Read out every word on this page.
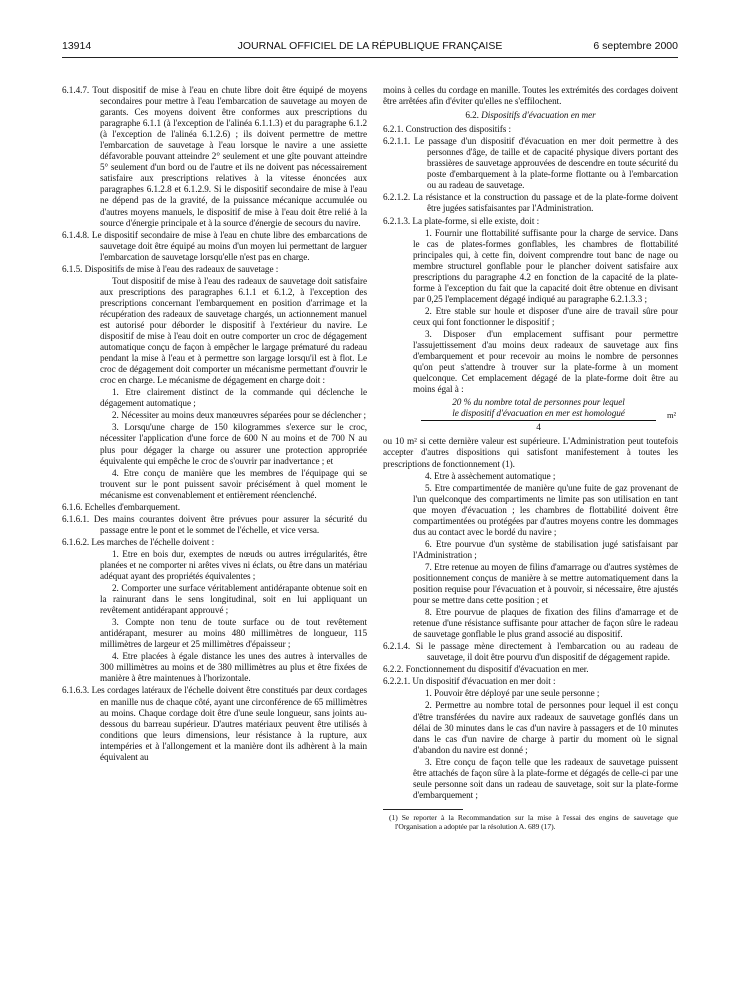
13914	JOURNAL OFFICIEL DE LA RÉPUBLIQUE FRANÇAISE	6 septembre 2000

6.1.4.7. Tout dispositif de mise à l'eau en chute libre doit être équipé de moyens secondaires pour mettre à l'eau l'embarcation de sauvetage au moyen de garants. Ces moyens doivent être conformes aux prescriptions du paragraphe 6.1.1 (à l'exception de l'alinéa 6.1.1.3) et du paragraphe 6.1.2 (à l'exception de l'alinéa 6.1.2.6) ; ils doivent permettre de mettre l'embarcation de sauvetage à l'eau lorsque le navire a une assiette défavorable pouvant atteindre 2° seulement et une gîte pouvant atteindre 5° seulement d'un bord ou de l'autre et ils ne doivent pas nécessairement satisfaire aux prescriptions relatives à la vitesse énoncées aux paragraphes 6.1.2.8 et 6.1.2.9. Si le dispositif secondaire de mise à l'eau ne dépend pas de la gravité, de la puissance mécanique accumulée ou d'autres moyens manuels, le dispositif de mise à l'eau doit être relié à la source d'énergie principale et à la source d'énergie de secours du navire.

6.1.4.8. Le dispositif secondaire de mise à l'eau en chute libre des embarcations de sauvetage doit être équipé au moins d'un moyen lui permettant de larguer l'embarcation de sauvetage lorsqu'elle n'est pas en charge.

6.1.5. Dispositifs de mise à l'eau des radeaux de sauvetage :

Tout dispositif de mise à l'eau des radeaux de sauvetage doit satisfaire aux prescriptions des paragraphes 6.1.1 et 6.1.2, à l'exception des prescriptions concernant l'embarquement en position d'arrimage et la récupération des radeaux de sauvetage chargés, un actionnement manuel est autorisé pour déborder le dispositif à l'extérieur du navire. Le dispositif de mise à l'eau doit en outre comporter un croc de dégagement automatique conçu de façon à empêcher le largage prématuré du radeau pendant la mise à l'eau et à permettre son largage lorsqu'il est à flot. Le croc de dégagement doit comporter un mécanisme permettant d'ouvrir le croc en charge. Le mécanisme de dégagement en charge doit :

1. Etre clairement distinct de la commande qui déclenche le dégagement automatique ;

2. Nécessiter au moins deux manœuvres séparées pour se déclencher ;

3. Lorsqu'une charge de 150 kilogrammes s'exerce sur le croc, nécessiter l'application d'une force de 600 N au moins et de 700 N au plus pour dégager la charge ou assurer une protection appropriée équivalente qui empêche le croc de s'ouvrir par inadvertance ; et

4. Etre conçu de manière que les membres de l'équipage qui se trouvent sur le pont puissent savoir précisément à quel moment le mécanisme est convenablement et entièrement réenclenché.

6.1.6. Echelles d'embarquement.

6.1.6.1. Des mains courantes doivent être prévues pour assurer la sécurité du passage entre le pont et le sommet de l'échelle, et vice versa.

6.1.6.2. Les marches de l'échelle doivent :

1. Etre en bois dur, exemptes de nœuds ou autres irrégularités, être planées et ne comporter ni arêtes vives ni éclats, ou être dans un matériau adéquat ayant des propriétés équivalentes ;

2. Comporter une surface véritablement antidérapante obtenue soit en la rainurant dans le sens longitudinal, soit en lui appliquant un revêtement antidérapant approuvé ;

3. Compte non tenu de toute surface ou de tout revêtement antidérapant, mesurer au moins 480 millimètres de longueur, 115 millimètres de largeur et 25 millimètres d'épaisseur ;

4. Etre placées à égale distance les unes des autres à intervalles de 300 millimètres au moins et de 380 millimètres au plus et être fixées de manière à être maintenues à l'horizontale.

6.1.6.3. Les cordages latéraux de l'échelle doivent être constitués par deux cordages en manille nus de chaque côté, ayant une circonférence de 65 millimètres au moins. Chaque cordage doit être d'une seule longueur, sans joints au-dessous du barreau supérieur. D'autres matériaux peuvent être utilisés à conditions que leurs dimensions, leur résistance à la rupture, aux intempéries et à l'allongement et la manière dont ils adhèrent à la main équivalent au

moins à celles du cordage en manille. Toutes les extrémités des cordages doivent être arrêtées afin d'éviter qu'elles ne s'effilochent.

6.2. Dispositifs d'évacuation en mer

6.2.1. Construction des dispositifs :

6.2.1.1. Le passage d'un dispositif d'évacuation en mer doit permettre à des personnes d'âge, de taille et de capacité physique divers portant des brassières de sauvetage approuvées de descendre en toute sécurité du poste d'embarquement à la plate-forme flottante ou à l'embarcation ou au radeau de sauvetage.

6.2.1.2. La résistance et la construction du passage et de la plate-forme doivent être jugées satisfaisantes par l'Administration.

6.2.1.3. La plate-forme, si elle existe, doit :

1. Fournir une flottabilité suffisante pour la charge de service. Dans le cas de plates-formes gonflables, les chambres de flottabilité principales qui, à cette fin, doivent comprendre tout banc de nage ou membre structurel gonflable pour le plancher doivent satisfaire aux prescriptions du paragraphe 4.2 en fonction de la capacité de la plate-forme à l'exception du fait que la capacité doit être obtenue en divisant par 0,25 l'emplacement dégagé indiqué au paragraphe 6.2.1.3.3 ;

2. Etre stable sur houle et disposer d'une aire de travail sûre pour ceux qui font fonctionner le dispositif ;

3. Disposer d'un emplacement suffisant pour permettre l'assujettissement d'au moins deux radeaux de sauvetage aux fins d'embarquement et pour recevoir au moins le nombre de personnes qu'on peut s'attendre à trouver sur la plate-forme à un moment quelconque. Cet emplacement dégagé de la plate-forme doit être au moins égal à :

20 % du nombre total de personnes pour lequel
le dispositif d'évacuation en mer est homologué
4
m²

ou 10 m² si cette dernière valeur est supérieure. L'Administration peut toutefois accepter d'autres dispositions qui satisfont manifestement à toutes les prescriptions de fonctionnement (1).

4. Etre à assèchement automatique ;

5. Etre compartimentée de manière qu'une fuite de gaz provenant de l'un quelconque des compartiments ne limite pas son utilisation en tant que moyen d'évacuation ; les chambres de flottabilité doivent être compartimentées ou protégées par d'autres moyens contre les dommages dus au contact avec le bordé du navire ;

6. Etre pourvue d'un système de stabilisation jugé satisfaisant par l'Administration ;

7. Etre retenue au moyen de filins d'amarrage ou d'autres systèmes de positionnement conçus de manière à se mettre automatiquement dans la position requise pour l'évacuation et à pouvoir, si nécessaire, être ajustés pour se mettre dans cette position ; et

8. Etre pourvue de plaques de fixation des filins d'amarrage et de retenue d'une résistance suffisante pour attacher de façon sûre le radeau de sauvetage gonflable le plus grand associé au dispositif.

6.2.1.4. Si le passage mène directement à l'embarcation ou au radeau de sauvetage, il doit être pourvu d'un dispositif de dégagement rapide.

6.2.2. Fonctionnement du dispositif d'évacuation en mer.

6.2.2.1. Un dispositif d'évacuation en mer doit :

1. Pouvoir être déployé par une seule personne ;

2. Permettre au nombre total de personnes pour lequel il est conçu d'être transférées du navire aux radeaux de sauvetage gonflés dans un délai de 30 minutes dans le cas d'un navire à passagers et de 10 minutes dans le cas d'un navire de charge à partir du moment où le signal d'abandon du navire est donné ;

3. Etre conçu de façon telle que les radeaux de sauvetage puissent être attachés de façon sûre à la plate-forme et dégagés de celle-ci par une seule personne soit dans un radeau de sauvetage, soit sur la plate-forme d'embarquement ;

(1) Se reporter à la Recommandation sur la mise à l'essai des engins de sauvetage que l'Organisation a adoptée par la résolution A. 689 (17).
